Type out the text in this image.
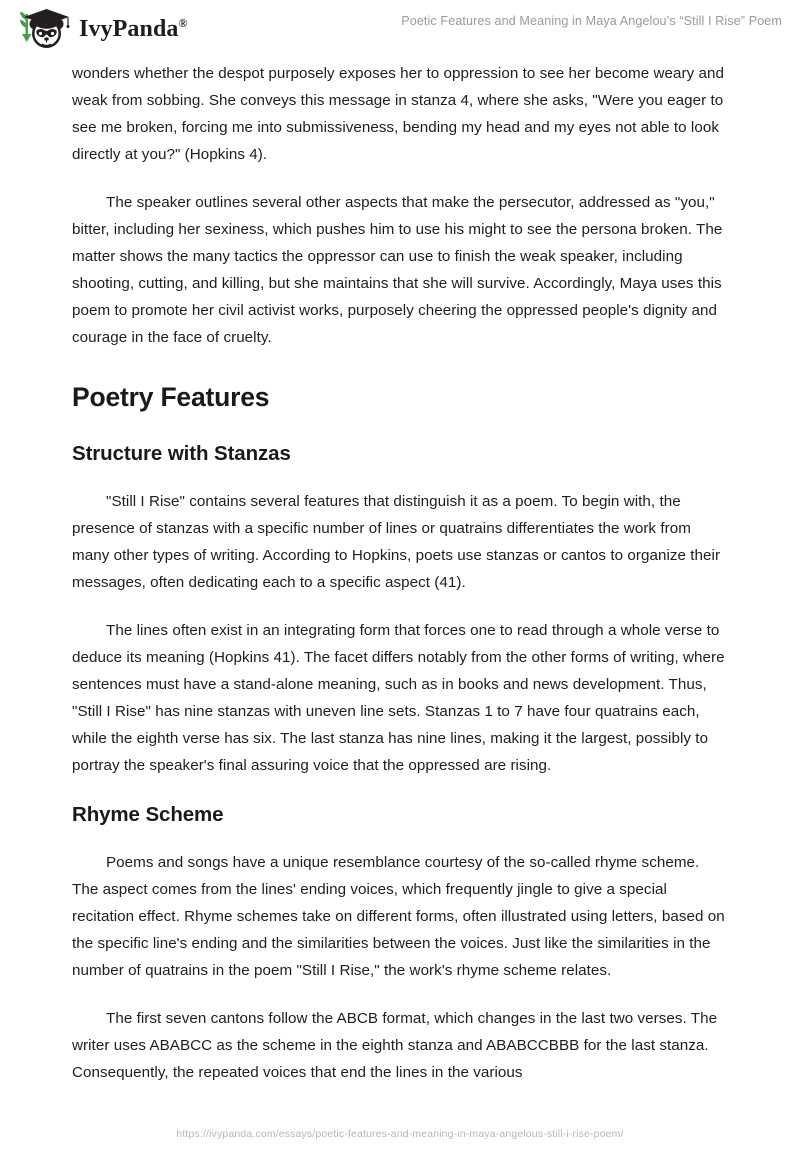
IvyPanda®	Poetic Features and Meaning in Maya Angelou’s “Still I Rise” Poem

wonders whether the despot purposely exposes her to oppression to see her become weary and weak from sobbing. She conveys this message in stanza 4, where she asks, "Were you eager to see me broken, forcing me into submissiveness, bending my head and my eyes not able to look directly at you?" (Hopkins 4).

The speaker outlines several other aspects that make the persecutor, addressed as "you," bitter, including her sexiness, which pushes him to use his might to see the persona broken. The matter shows the many tactics the oppressor can use to finish the weak speaker, including shooting, cutting, and killing, but she maintains that she will survive. Accordingly, Maya uses this poem to promote her civil activist works, purposely cheering the oppressed people's dignity and courage in the face of cruelty.

Poetry Features
Structure with Stanzas

"Still I Rise" contains several features that distinguish it as a poem. To begin with, the presence of stanzas with a specific number of lines or quatrains differentiates the work from many other types of writing. According to Hopkins, poets use stanzas or cantos to organize their messages, often dedicating each to a specific aspect (41).

The lines often exist in an integrating form that forces one to read through a whole verse to deduce its meaning (Hopkins 41). The facet differs notably from the other forms of writing, where sentences must have a stand-alone meaning, such as in books and news development. Thus, "Still I Rise" has nine stanzas with uneven line sets. Stanzas 1 to 7 have four quatrains each, while the eighth verse has six. The last stanza has nine lines, making it the largest, possibly to portray the speaker's final assuring voice that the oppressed are rising.

Rhyme Scheme

Poems and songs have a unique resemblance courtesy of the so-called rhyme scheme. The aspect comes from the lines' ending voices, which frequently jingle to give a special recitation effect. Rhyme schemes take on different forms, often illustrated using letters, based on the specific line's ending and the similarities between the voices. Just like the similarities in the number of quatrains in the poem "Still I Rise," the work's rhyme scheme relates.

The first seven cantons follow the ABCB format, which changes in the last two verses. The writer uses ABABCC as the scheme in the eighth stanza and ABABCCBBB for the last stanza. Consequently, the repeated voices that end the lines in the various

https://ivypanda.com/essays/poetic-features-and-meaning-in-maya-angelous-still-i-rise-poem/
